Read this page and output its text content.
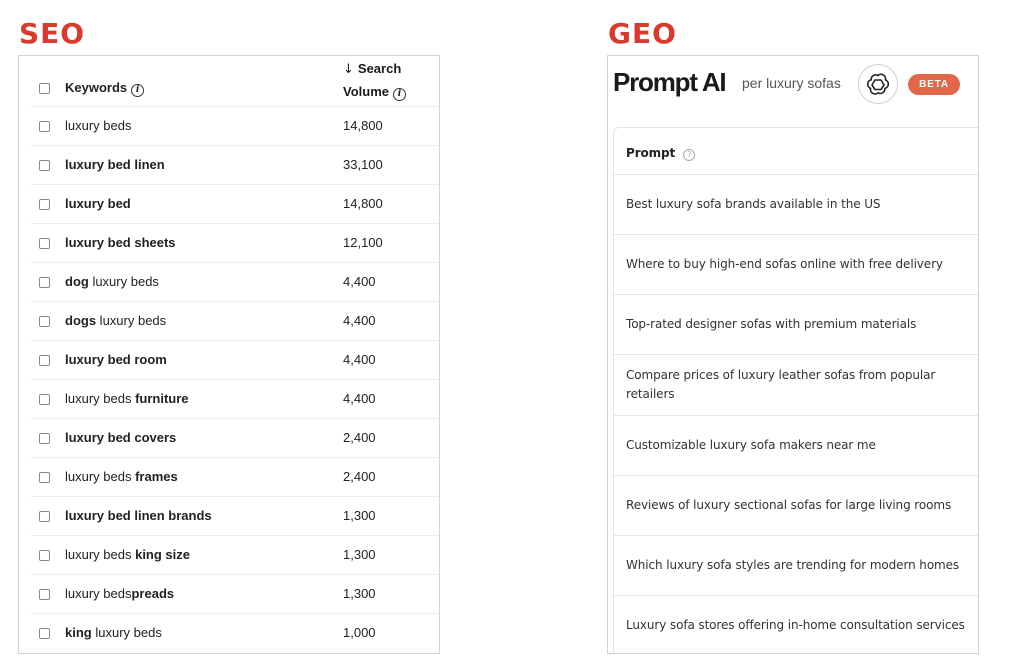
SEO
Keywords i
↓ Search
Volume i
luxury beds	14,800
luxury bed linen	33,100
luxury bed	14,800
luxury bed sheets	12,100
dog luxury beds	4,400
dogs luxury beds	4,400
luxury bed room	4,400
luxury beds furniture	4,400
luxury bed covers	2,400
luxury beds frames	2,400
luxury bed linen brands	1,300
luxury beds king size	1,300
luxury bedspreads	1,300
king luxury beds	1,000
GEO
Prompt AI per luxury sofas	BETA
Prompt ?
Best luxury sofa brands available in the US
Where to buy high-end sofas online with free delivery
Top-rated designer sofas with premium materials
Compare prices of luxury leather sofas from popular retailers
Customizable luxury sofa makers near me
Reviews of luxury sectional sofas for large living rooms
Which luxury sofa styles are trending for modern homes
Luxury sofa stores offering in-home consultation services
